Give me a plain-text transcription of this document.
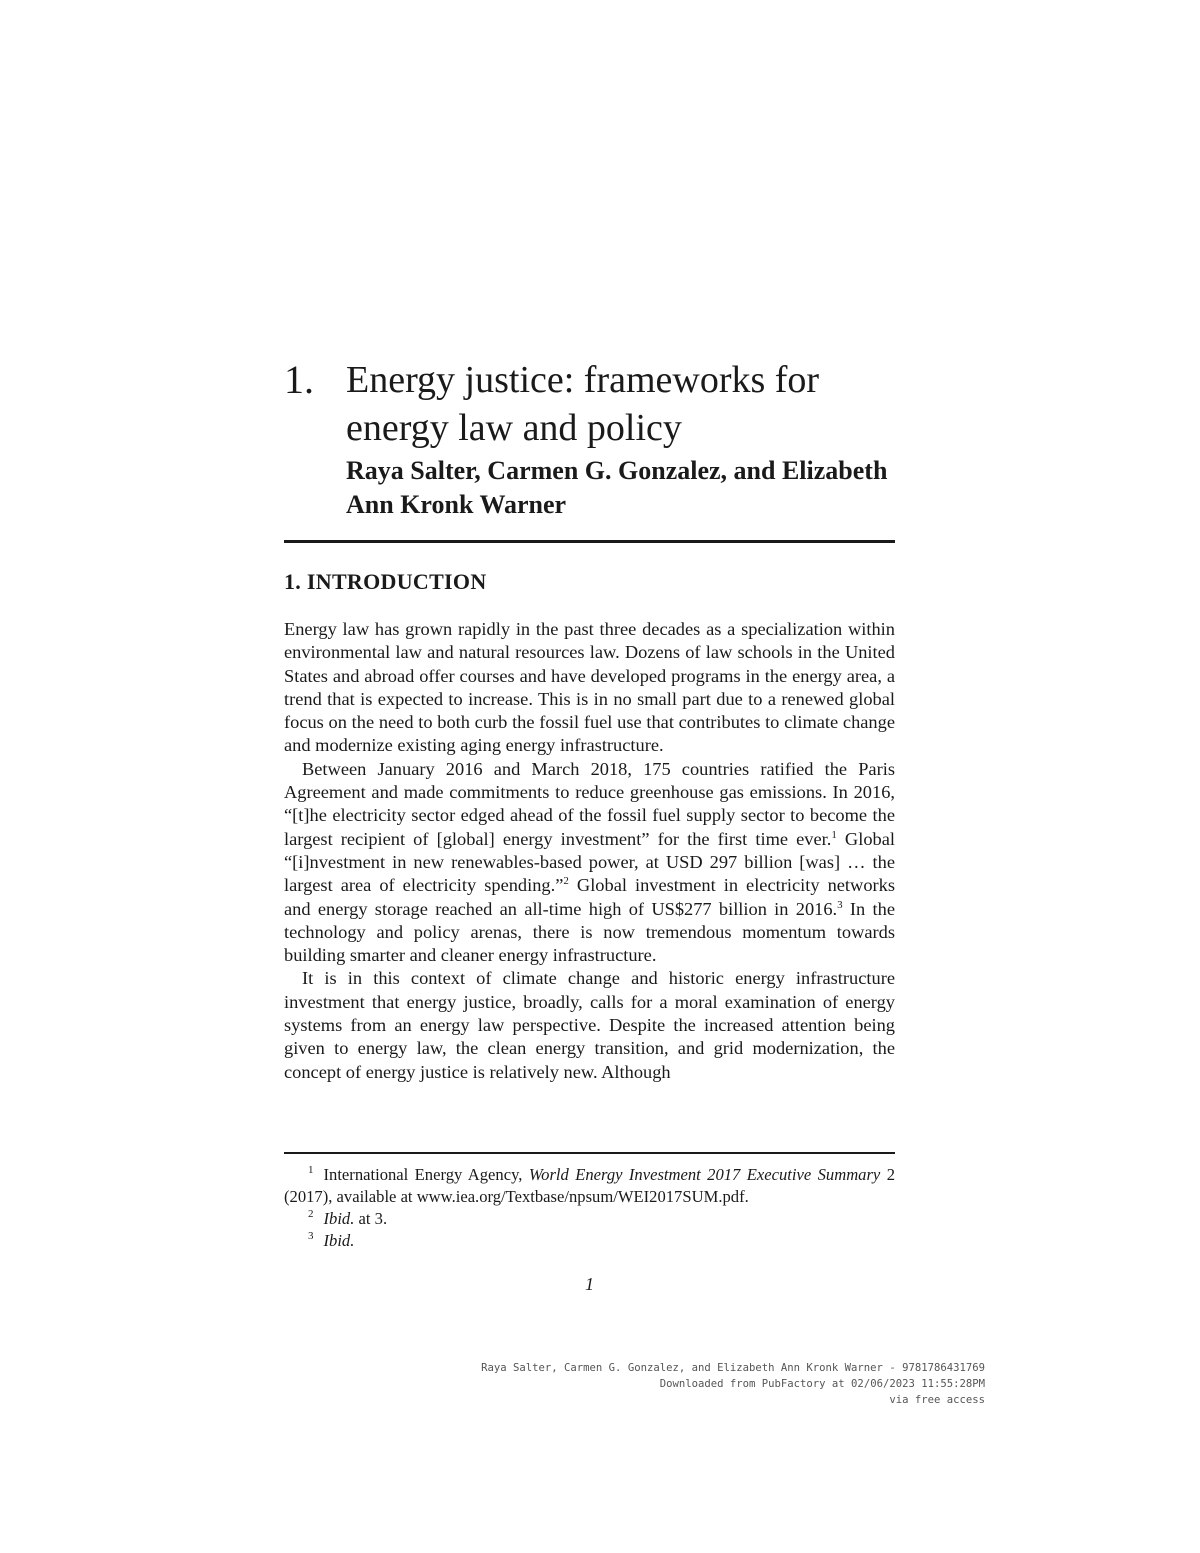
1. Energy justice: frameworks for energy law and policy
Raya Salter, Carmen G. Gonzalez, and Elizabeth Ann Kronk Warner
1. INTRODUCTION

Energy law has grown rapidly in the past three decades as a specialization within environmental law and natural resources law. Dozens of law schools in the United States and abroad offer courses and have developed programs in the energy area, a trend that is expected to increase. This is in no small part due to a renewed global focus on the need to both curb the fossil fuel use that contributes to climate change and modernize existing aging energy infrastructure.

Between January 2016 and March 2018, 175 countries ratified the Paris Agreement and made commitments to reduce greenhouse gas emissions. In 2016, “[t]he electricity sector edged ahead of the fossil fuel supply sector to become the largest recipient of [global] energy investment” for the first time ever.$^1$ Global “[i]nvestment in new renewables-based power, at USD 297 billion [was] … the largest area of electricity spending.”$^2$ Global investment in electricity networks and energy storage reached an all-time high of US$277 billion in 2016.$^3$ In the technology and policy arenas, there is now tremendous momentum towards building smarter and cleaner energy infrastructure.

It is in this context of climate change and historic energy infrastructure investment that energy justice, broadly, calls for a moral examination of energy systems from an energy law perspective. Despite the increased attention being given to energy law, the clean energy transition, and grid modernization, the concept of energy justice is relatively new. Although

$^1$ International Energy Agency, World Energy Investment 2017 Executive Summary 2 (2017), available at www.iea.org/Textbase/npsum/WEI2017SUM.pdf.

$^2$ Ibid. at 3.

$^3$ Ibid.

1
Raya Salter, Carmen G. Gonzalez, and Elizabeth Ann Kronk Warner - 9781786431769
Downloaded from PubFactory at 02/06/2023 11:55:28PM
via free access
